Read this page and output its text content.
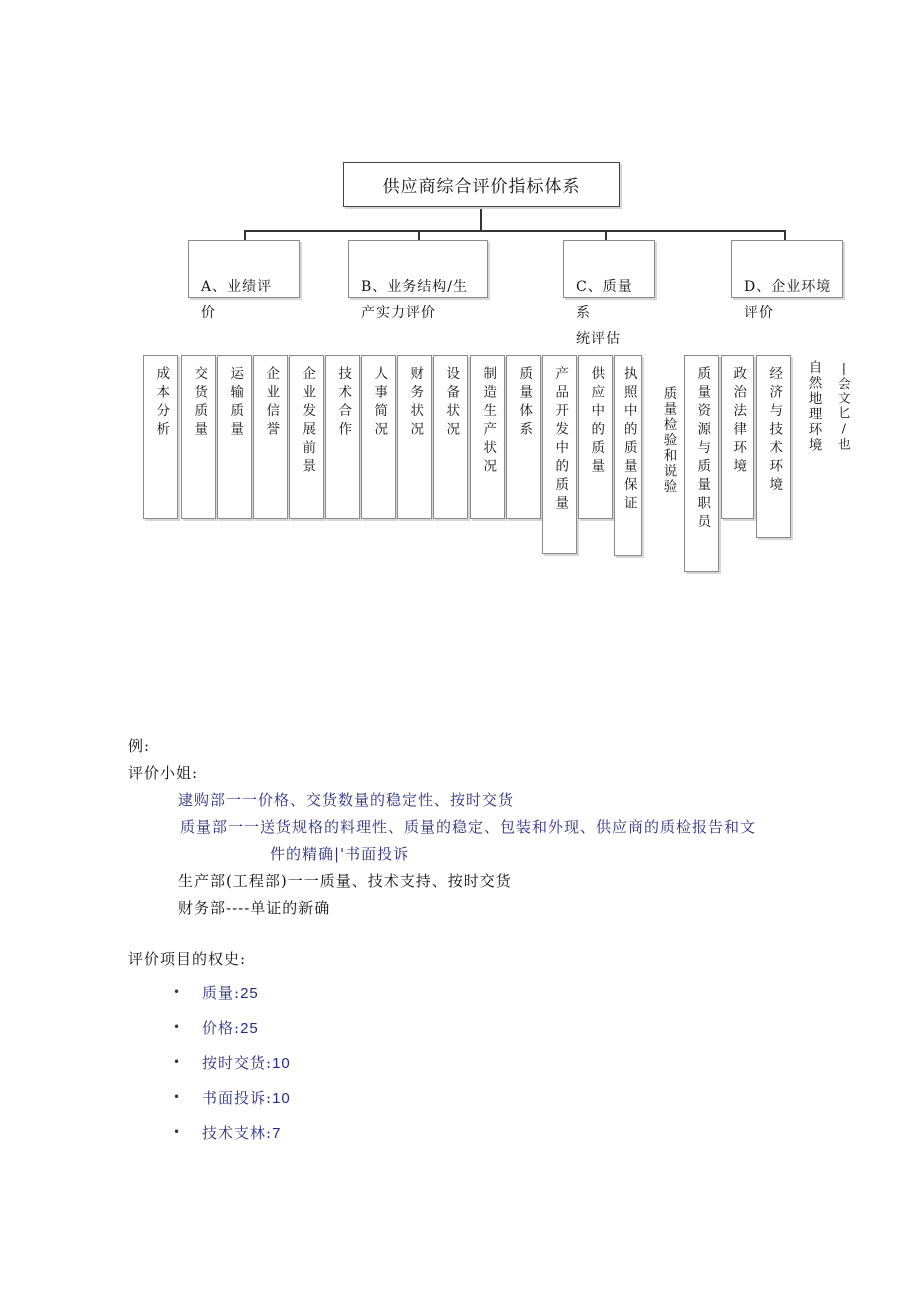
供应商综合评价指标体系

A、业绩评
价

B、业务结构/生
产实力评价

C、质量系
统评估

D、企业环境
评价

成本分析 交货质量 运输质量 企业信誉 企业发展前景 技术合作 人事简况 财务状况 设备状况 制造生产状况 质量体系 产品开发中的质量 供应中的质量 执照中的质量保证 质量检验和说验 质量资源与质量职员 政治法律环境 经济与技术环境 自然地理环境 |会文匕/也
例:
评价小姐:
逮购部一一价格、交货数量的稳定性、按时交货
质量部一一送货规格的料理性、质量的稳定、包装和外现、供应商的质检报告和文
件的精确|'书面投诉
生产部(工程部)一一质量、技术支持、按时交货
财务部----单证的新确
评价项目的权史:
• 质量:25
• 价格:25
• 按时交货:10
• 书面投诉:10
• 技术支林:7
